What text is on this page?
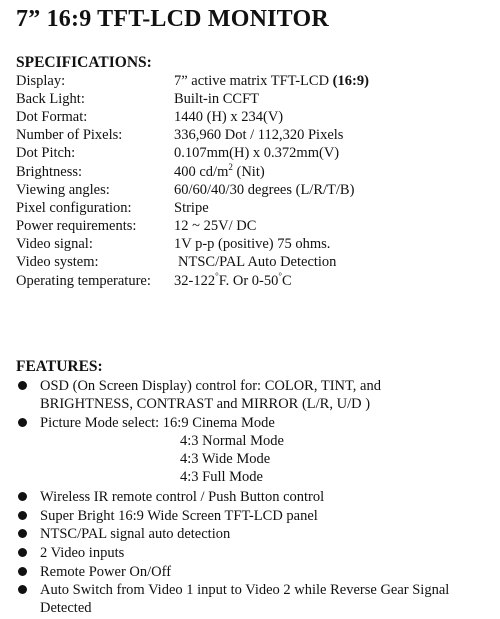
7” 16:9 TFT-LCD MONITOR
SPECIFICATIONS:
Display:	7” active matrix TFT-LCD (16:9)
Back Light:	Built-in CCFT
Dot Format:	1440 (H) x 234(V)
Number of Pixels:	336,960 Dot / 112,320 Pixels
Dot Pitch:	0.107mm(H) x 0.372mm(V)
Brightness:	400 $cd/m^2$ (Nit)
Viewing angles:	60/60/40/30 degrees (L/R/T/B)
Pixel configuration:	Stripe
Power requirements:	12 ~ 25V/ DC
Video signal:	1V p-p (positive) 75 ohms.
Video system:	NTSC/PAL Auto Detection
Operating temperature: 32-122°F. Or 0-50°C
FEATURES:
OSD (On Screen Display) control for: COLOR, TINT, and
BRIGHTNESS, CONTRAST and MIRROR (L/R, U/D )
Picture Mode select: 16:9 Cinema Mode
4:3 Normal Mode
4:3 Wide Mode
4:3 Full Mode
Wireless IR remote control / Push Button control
Super Bright 16:9 Wide Screen TFT-LCD panel
NTSC/PAL signal auto detection
2 Video inputs
Remote Power On/Off
Auto Switch from Video 1 input to Video 2 while Reverse Gear Signal
Detected
